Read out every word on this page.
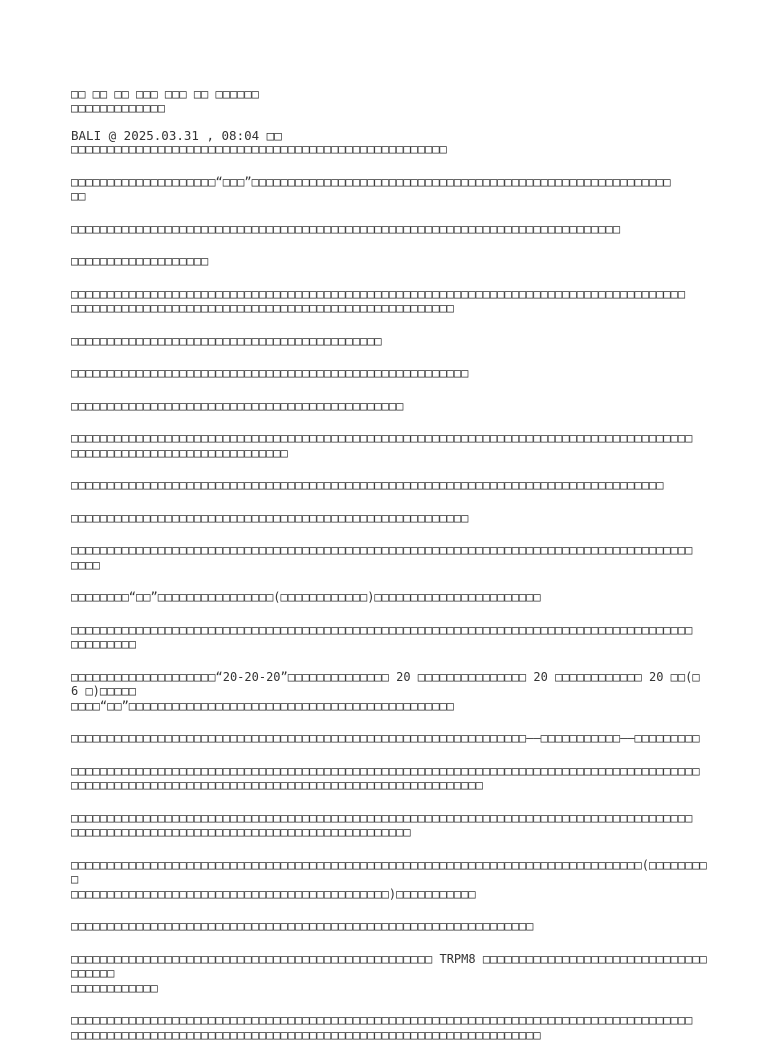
□□ □□ □□ □□□ □□□ □□ □□□□□□
□□□□□□□□□□□□□
BALI @ 2025.03.31 , 08:04 □□
□□□□□□□□□□□□□□□□□□□□□□□□□□□□□□□□□□□□□□□□□□□□□□□□□□□□
□□□□□□□□□□□□□□□□□□□□“□□□”□□□□□□□□□□□□□□□□□□□□□□□□□□□□□□□□□□□□□□□□□□□□□□□□□□□□□□□□□□
□□
□□□□□□□□□□□□□□□□□□□□□□□□□□□□□□□□□□□□□□□□□□□□□□□□□□□□□□□□□□□□□□□□□□□□□□□□□□□□
□□□□□□□□□□□□□□□□□□□
□□□□□□□□□□□□□□□□□□□□□□□□□□□□□□□□□□□□□□□□□□□□□□□□□□□□□□□□□□□□□□□□□□□□□□□□□□□□□□□□□□□□□
□□□□□□□□□□□□□□□□□□□□□□□□□□□□□□□□□□□□□□□□□□□□□□□□□□□□□
□□□□□□□□□□□□□□□□□□□□□□□□□□□□□□□□□□□□□□□□□□□
□□□□□□□□□□□□□□□□□□□□□□□□□□□□□□□□□□□□□□□□□□□□□□□□□□□□□□□
□□□□□□□□□□□□□□□□□□□□□□□□□□□□□□□□□□□□□□□□□□□□□□
□□□□□□□□□□□□□□□□□□□□□□□□□□□□□□□□□□□□□□□□□□□□□□□□□□□□□□□□□□□□□□□□□□□□□□□□□□□□□□□□□□□□□□
□□□□□□□□□□□□□□□□□□□□□□□□□□□□□□
□□□□□□□□□□□□□□□□□□□□□□□□□□□□□□□□□□□□□□□□□□□□□□□□□□□□□□□□□□□□□□□□□□□□□□□□□□□□□□□□□□
□□□□□□□□□□□□□□□□□□□□□□□□□□□□□□□□□□□□□□□□□□□□□□□□□□□□□□□
□□□□□□□□□□□□□□□□□□□□□□□□□□□□□□□□□□□□□□□□□□□□□□□□□□□□□□□□□□□□□□□□□□□□□□□□□□□□□□□□□□□□□□
□□□□
□□□□□□□□“□□”□□□□□□□□□□□□□□□□(□□□□□□□□□□□□)□□□□□□□□□□□□□□□□□□□□□□□
□□□□□□□□□□□□□□□□□□□□□□□□□□□□□□□□□□□□□□□□□□□□□□□□□□□□□□□□□□□□□□□□□□□□□□□□□□□□□□□□□□□□□□
□□□□□□□□□
□□□□□□□□□□□□□□□□□□□□“20-20-20”□□□□□□□□□□□□□□ 20 □□□□□□□□□□□□□□□ 20 □□□□□□□□□□□□ 20 □□(□ 6 □)□□□□□
□□□□“□□”□□□□□□□□□□□□□□□□□□□□□□□□□□□□□□□□□□□□□□□□□□□□□
□□□□□□□□□□□□□□□□□□□□□□□□□□□□□□□□□□□□□□□□□□□□□□□□□□□□□□□□□□□□□□□——□□□□□□□□□□□——□□□□□□□□□
□□□□□□□□□□□□□□□□□□□□□□□□□□□□□□□□□□□□□□□□□□□□□□□□□□□□□□□□□□□□□□□□□□□□□□□□□□□□□□□□□□□□□□□
□□□□□□□□□□□□□□□□□□□□□□□□□□□□□□□□□□□□□□□□□□□□□□□□□□□□□□□□□
□□□□□□□□□□□□□□□□□□□□□□□□□□□□□□□□□□□□□□□□□□□□□□□□□□□□□□□□□□□□□□□□□□□□□□□□□□□□□□□□□□□□□□
□□□□□□□□□□□□□□□□□□□□□□□□□□□□□□□□□□□□□□□□□□□□□□□
□□□□□□□□□□□□□□□□□□□□□□□□□□□□□□□□□□□□□□□□□□□□□□□□□□□□□□□□□□□□□□□□□□□□□□□□□□□□□□□(□□□□□□□□□
□□□□□□□□□□□□□□□□□□□□□□□□□□□□□□□□□□□□□□□□□□□□)□□□□□□□□□□□
□□□□□□□□□□□□□□□□□□□□□□□□□□□□□□□□□□□□□□□□□□□□□□□□□□□□□□□□□□□□□□□□
□□□□□□□□□□□□□□□□□□□□□□□□□□□□□□□□□□□□□□□□□□□□□□□□□□ TRPM8 □□□□□□□□□□□□□□□□□□□□□□□□□□□□□□□□□□□□□
□□□□□□□□□□□□
□□□□□□□□□□□□□□□□□□□□□□□□□□□□□□□□□□□□□□□□□□□□□□□□□□□□□□□□□□□□□□□□□□□□□□□□□□□□□□□□□□□□□□
□□□□□□□□□□□□□□□□□□□□□□□□□□□□□□□□□□□□□□□□□□□□□□□□□□□□□□□□□□□□□□□□□
